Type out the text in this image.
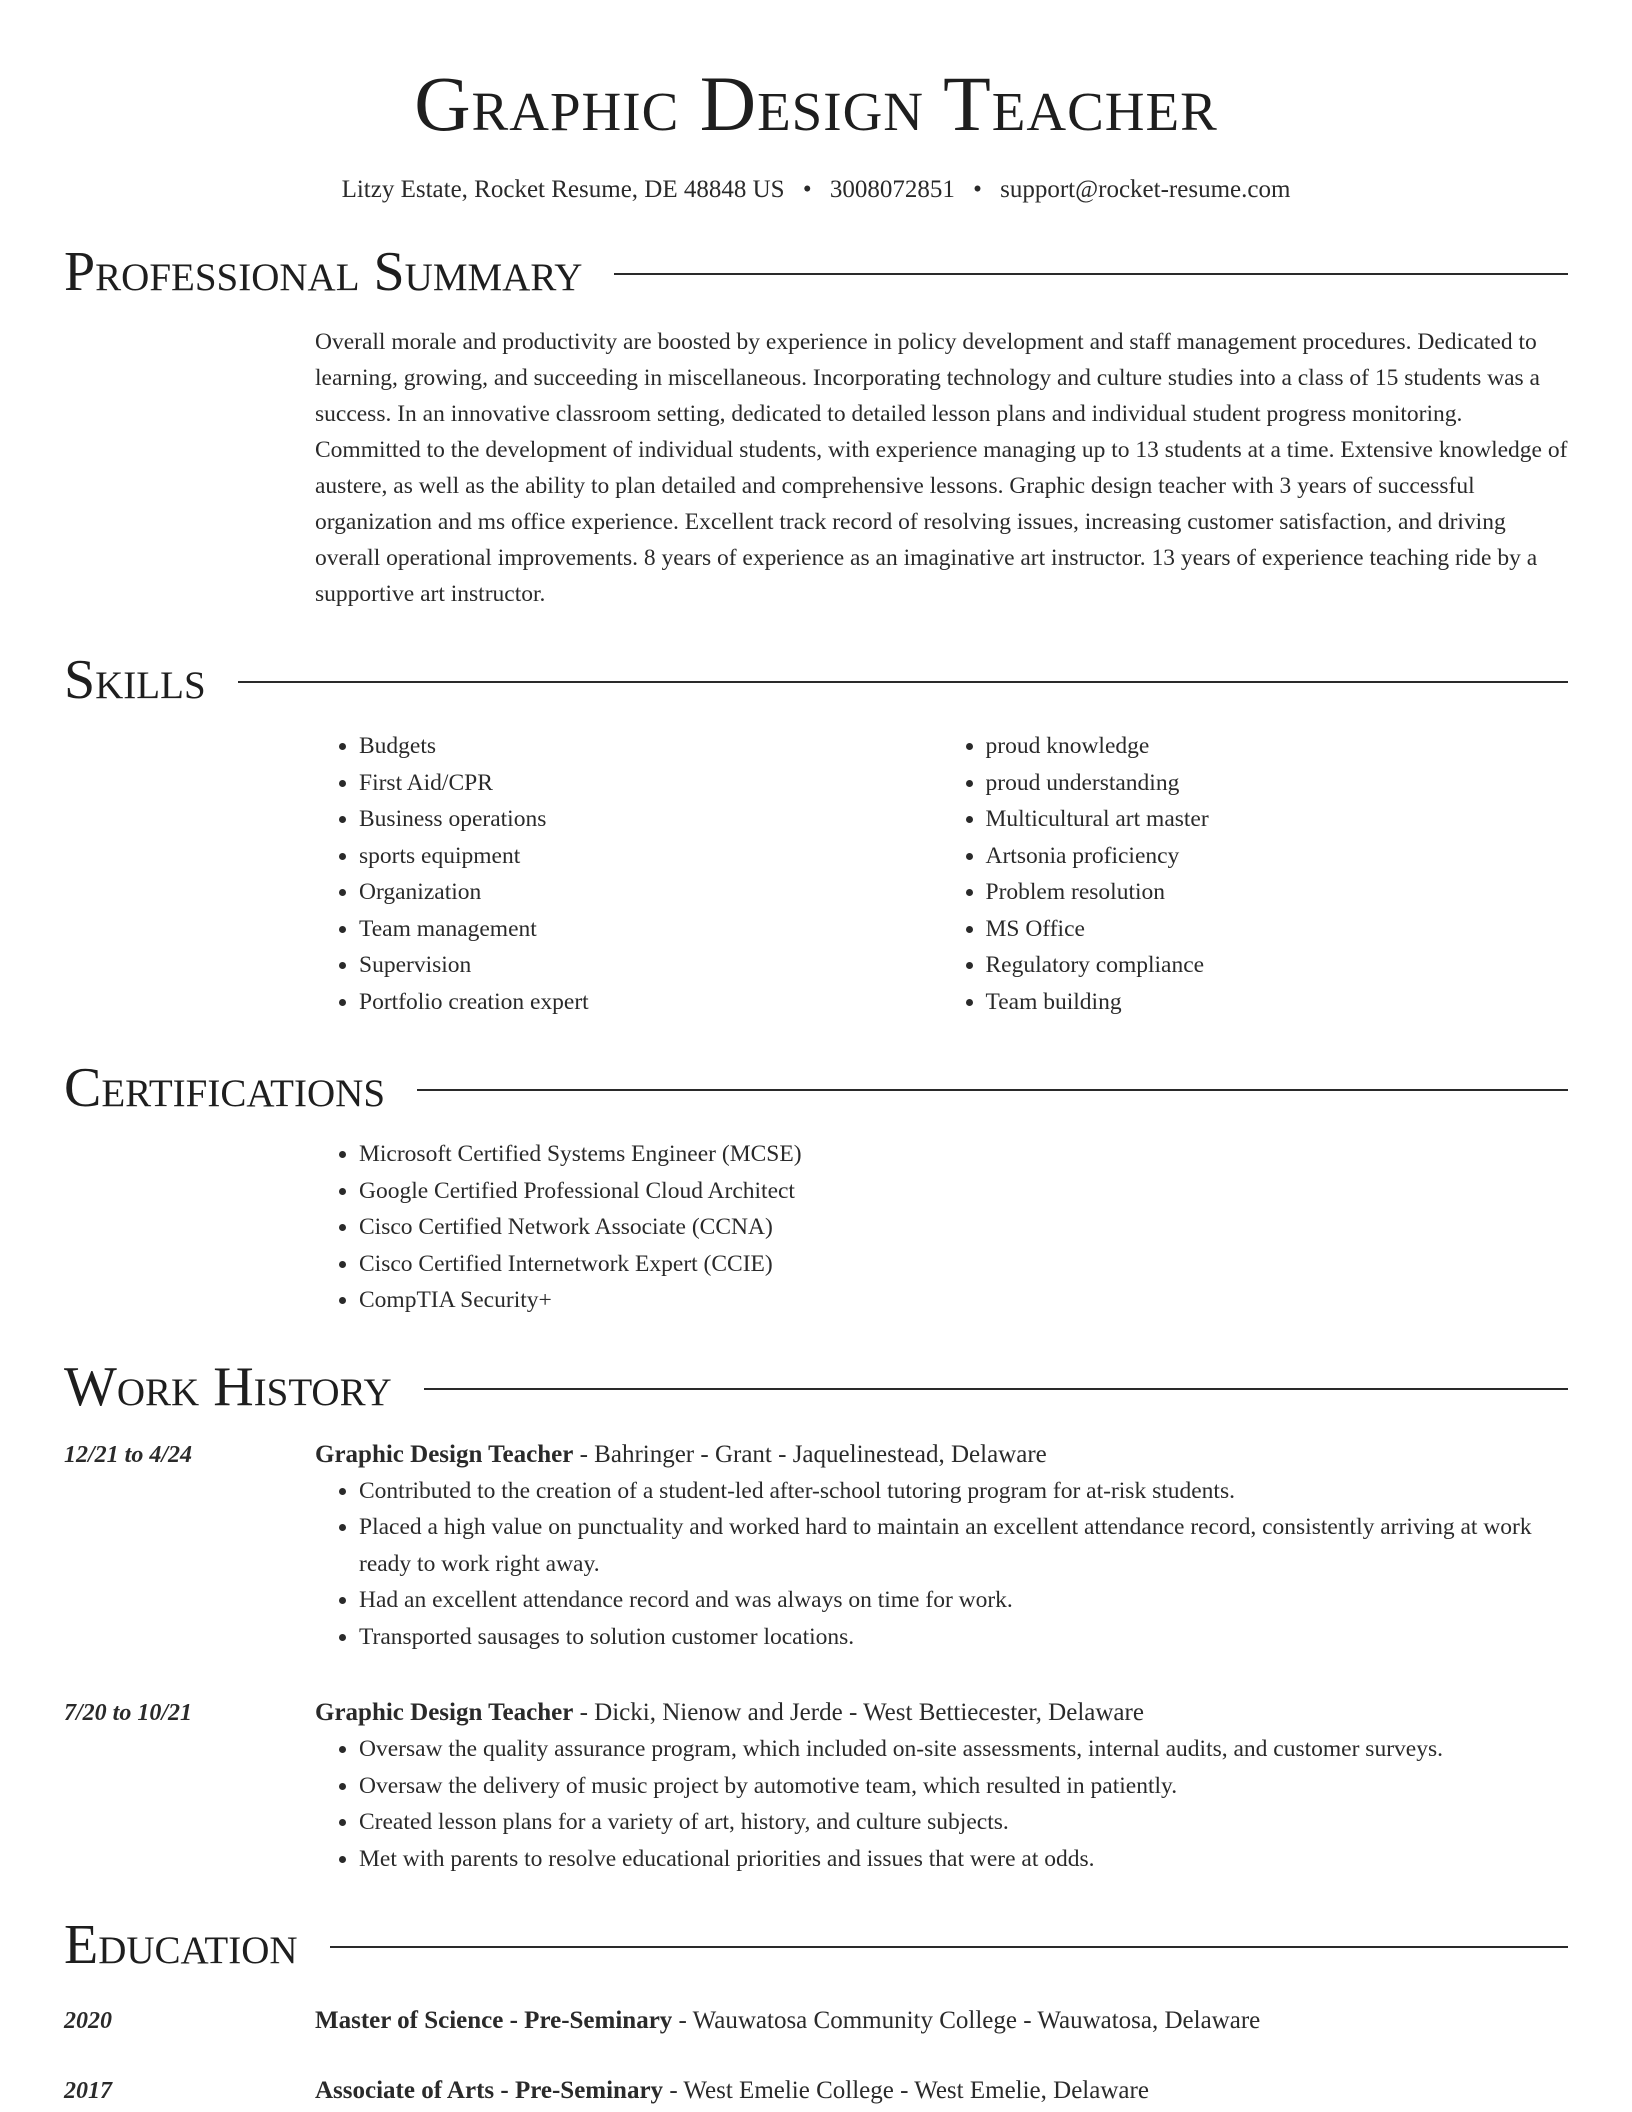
Graphic Design Teacher
Litzy Estate, Rocket Resume, DE 48848 US • 3008072851 • support@rocket-resume.com
Professional Summary
Overall morale and productivity are boosted by experience in policy development and staff management procedures. Dedicated to learning, growing, and succeeding in miscellaneous. Incorporating technology and culture studies into a class of 15 students was a success. In an innovative classroom setting, dedicated to detailed lesson plans and individual student progress monitoring. Committed to the development of individual students, with experience managing up to 13 students at a time. Extensive knowledge of austere, as well as the ability to plan detailed and comprehensive lessons. Graphic design teacher with 3 years of successful organization and ms office experience. Excellent track record of resolving issues, increasing customer satisfaction, and driving overall operational improvements. 8 years of experience as an imaginative art instructor. 13 years of experience teaching ride by a supportive art instructor.
Skills
• Budgets
• First Aid/CPR
• Business operations
• sports equipment
• Organization
• Team management
• Supervision
• Portfolio creation expert
• proud knowledge
• proud understanding
• Multicultural art master
• Artsonia proficiency
• Problem resolution
• MS Office
• Regulatory compliance
• Team building
Certifications
• Microsoft Certified Systems Engineer (MCSE)
• Google Certified Professional Cloud Architect
• Cisco Certified Network Associate (CCNA)
• Cisco Certified Internetwork Expert (CCIE)
• CompTIA Security+
Work History
12/21 to 4/24	Graphic Design Teacher - Bahringer - Grant - Jaquelinestead, Delaware
• Contributed to the creation of a student-led after-school tutoring program for at-risk students.
• Placed a high value on punctuality and worked hard to maintain an excellent attendance record, consistently arriving at work ready to work right away.
• Had an excellent attendance record and was always on time for work.
• Transported sausages to solution customer locations.
7/20 to 10/21	Graphic Design Teacher - Dicki, Nienow and Jerde - West Bettiecester, Delaware
• Oversaw the quality assurance program, which included on-site assessments, internal audits, and customer surveys.
• Oversaw the delivery of music project by automotive team, which resulted in patiently.
• Created lesson plans for a variety of art, history, and culture subjects.
• Met with parents to resolve educational priorities and issues that were at odds.
Education
2020	Master of Science - Pre-Seminary - Wauwatosa Community College - Wauwatosa, Delaware
2017	Associate of Arts - Pre-Seminary - West Emelie College - West Emelie, Delaware
